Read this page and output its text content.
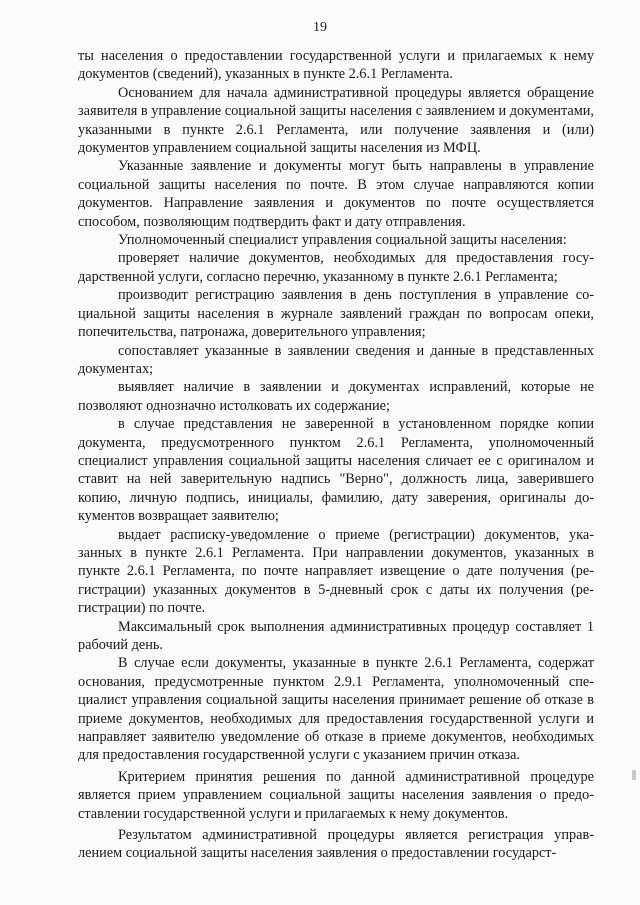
19

ты населения о предоставлении государственной услуги и прилагаемых к нему документов (сведений), указанных в пункте 2.6.1 Регламента.

Основанием для начала административной процедуры является обращение заявителя в управление социальной защиты населения с заявлением и документами, указанными в пункте 2.6.1 Регламента, или получение заявления и (или) документов управлением социальной защиты населения из МФЦ.

Указанные заявление и документы могут быть направлены в управление социальной защиты населения по почте. В этом случае направляются копии документов. Направление заявления и документов по почте осуществляется способом, позволяющим подтвердить факт и дату отправления.

Уполномоченный специалист управления социальной защиты населения:

проверяет наличие документов, необходимых для предоставления государственной услуги, согласно перечню, указанному в пункте 2.6.1 Регламента;

производит регистрацию заявления в день поступления в управление социальной защиты населения в журнале заявлений граждан по вопросам опеки, попечительства, патронажа, доверительного управления;

сопоставляет указанные в заявлении сведения и данные в представленных документах;

выявляет наличие в заявлении и документах исправлений, которые не позволяют однозначно истолковать их содержание;

в случае представления не заверенной в установленном порядке копии документа, предусмотренного пунктом 2.6.1 Регламента, уполномоченный специалист управления социальной защиты населения сличает ее с оригиналом и ставит на ней заверительную надпись "Верно", должность лица, заверившего копию, личную подпись, инициалы, фамилию, дату заверения, оригиналы документов возвращает заявителю;

выдает расписку-уведомление о приеме (регистрации) документов, указанных в пункте 2.6.1 Регламента. При направлении документов, указанных в пункте 2.6.1 Регламента, по почте направляет извещение о дате получения (регистрации) указанных документов в 5-дневный срок с даты их получения (регистрации) по почте.

Максимальный срок выполнения административных процедур составляет 1 рабочий день.

В случае если документы, указанные в пункте 2.6.1 Регламента, содержат основания, предусмотренные пунктом 2.9.1 Регламента, уполномоченный специалист управления социальной защиты населения принимает решение об отказе в приеме документов, необходимых для предоставления государственной услуги и направляет заявителю уведомление об отказе в приеме документов, необходимых для предоставления государственной услуги с указанием причин отказа.

Критерием принятия решения по данной административной процедуре является прием управлением социальной защиты населения заявления о предоставлении государственной услуги и прилагаемых к нему документов.

Результатом административной процедуры является регистрация управлением социальной защиты населения заявления о предоставлении государст-
